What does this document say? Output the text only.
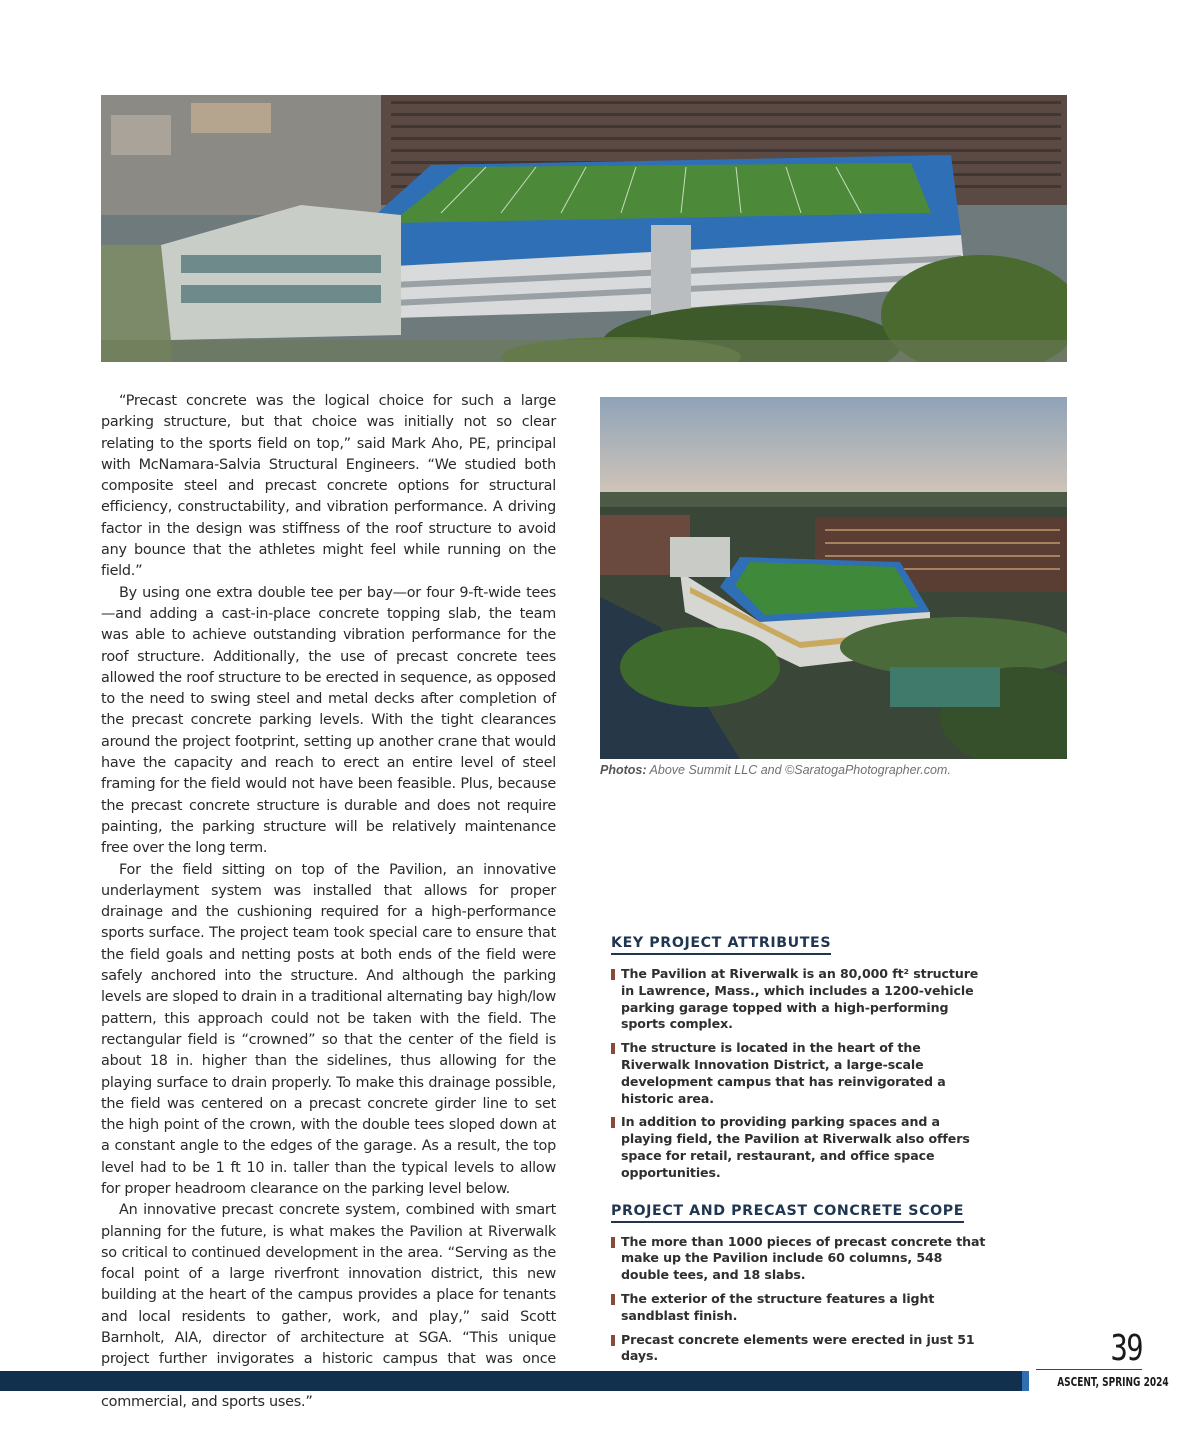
“Precast concrete was the logical choice for such a large parking structure, but that choice was initially not so clear relating to the sports field on top,” said Mark Aho, PE, principal with McNamara-Salvia Structural Engineers. “We studied both composite steel and precast concrete options for structural efficiency, constructability, and vibration performance. A driving factor in the design was stiffness of the roof structure to avoid any bounce that the athletes might feel while running on the field.”

By using one extra double tee per bay—or four 9-ft-wide tees—and adding a cast-in-place concrete topping slab, the team was able to achieve outstanding vibration performance for the roof structure. Additionally, the use of precast concrete tees allowed the roof structure to be erected in sequence, as opposed to the need to swing steel and metal decks after completion of the precast concrete parking levels. With the tight clearances around the project footprint, setting up another crane that would have the capacity and reach to erect an entire level of steel framing for the field would not have been feasible. Plus, because the precast concrete structure is durable and does not require painting, the parking structure will be relatively maintenance free over the long term.

For the field sitting on top of the Pavilion, an innovative underlayment system was installed that allows for proper drainage and the cushioning required for a high-performance sports surface. The project team took special care to ensure that the field goals and netting posts at both ends of the field were safely anchored into the structure. And although the parking levels are sloped to drain in a traditional alternating bay high/low pattern, this approach could not be taken with the field. The rectangular field is “crowned” so that the center of the field is about 18 in. higher than the sidelines, thus allowing for the playing surface to drain properly. To make this drainage possible, the field was centered on a precast concrete girder line to set the high point of the crown, with the double tees sloped down at a constant angle to the edges of the garage. As a result, the top level had to be 1 ft 10 in. taller than the typical levels to allow for proper headroom clearance on the parking level below.

An innovative precast concrete system, combined with smart planning for the future, is what makes the Pavilion at Riverwalk so critical to continued development in the area. “Serving as the focal point of a large riverfront innovation district, this new building at the heart of the campus provides a place for tenants and local residents to gather, work, and play,” said Scott Barnholt, AIA, director of architecture at SGA. “This unique project further invigorates a historic campus that was once commercial, and sports uses.”

Photos: Above Summit LLC and ©SaratogaPhotographer.com.
KEY PROJECT ATTRIBUTES
The Pavilion at Riverwalk is an 80,000 ft² structure in Lawrence, Mass., which includes a 1200-vehicle parking garage topped with a high-performing sports complex.
The structure is located in the heart of the Riverwalk Innovation District, a large-scale development campus that has reinvigorated a historic area.
In addition to providing parking spaces and a playing field, the Pavilion at Riverwalk also offers space for retail, restaurant, and office space opportunities.
PROJECT AND PRECAST CONCRETE SCOPE
The more than 1000 pieces of precast concrete that make up the Pavilion include 60 columns, 548 double tees, and 18 slabs.
The exterior of the structure features a light sandblast finish.
Precast concrete elements were erected in just 51 days.	39
ASCENT, SPRING 2024
